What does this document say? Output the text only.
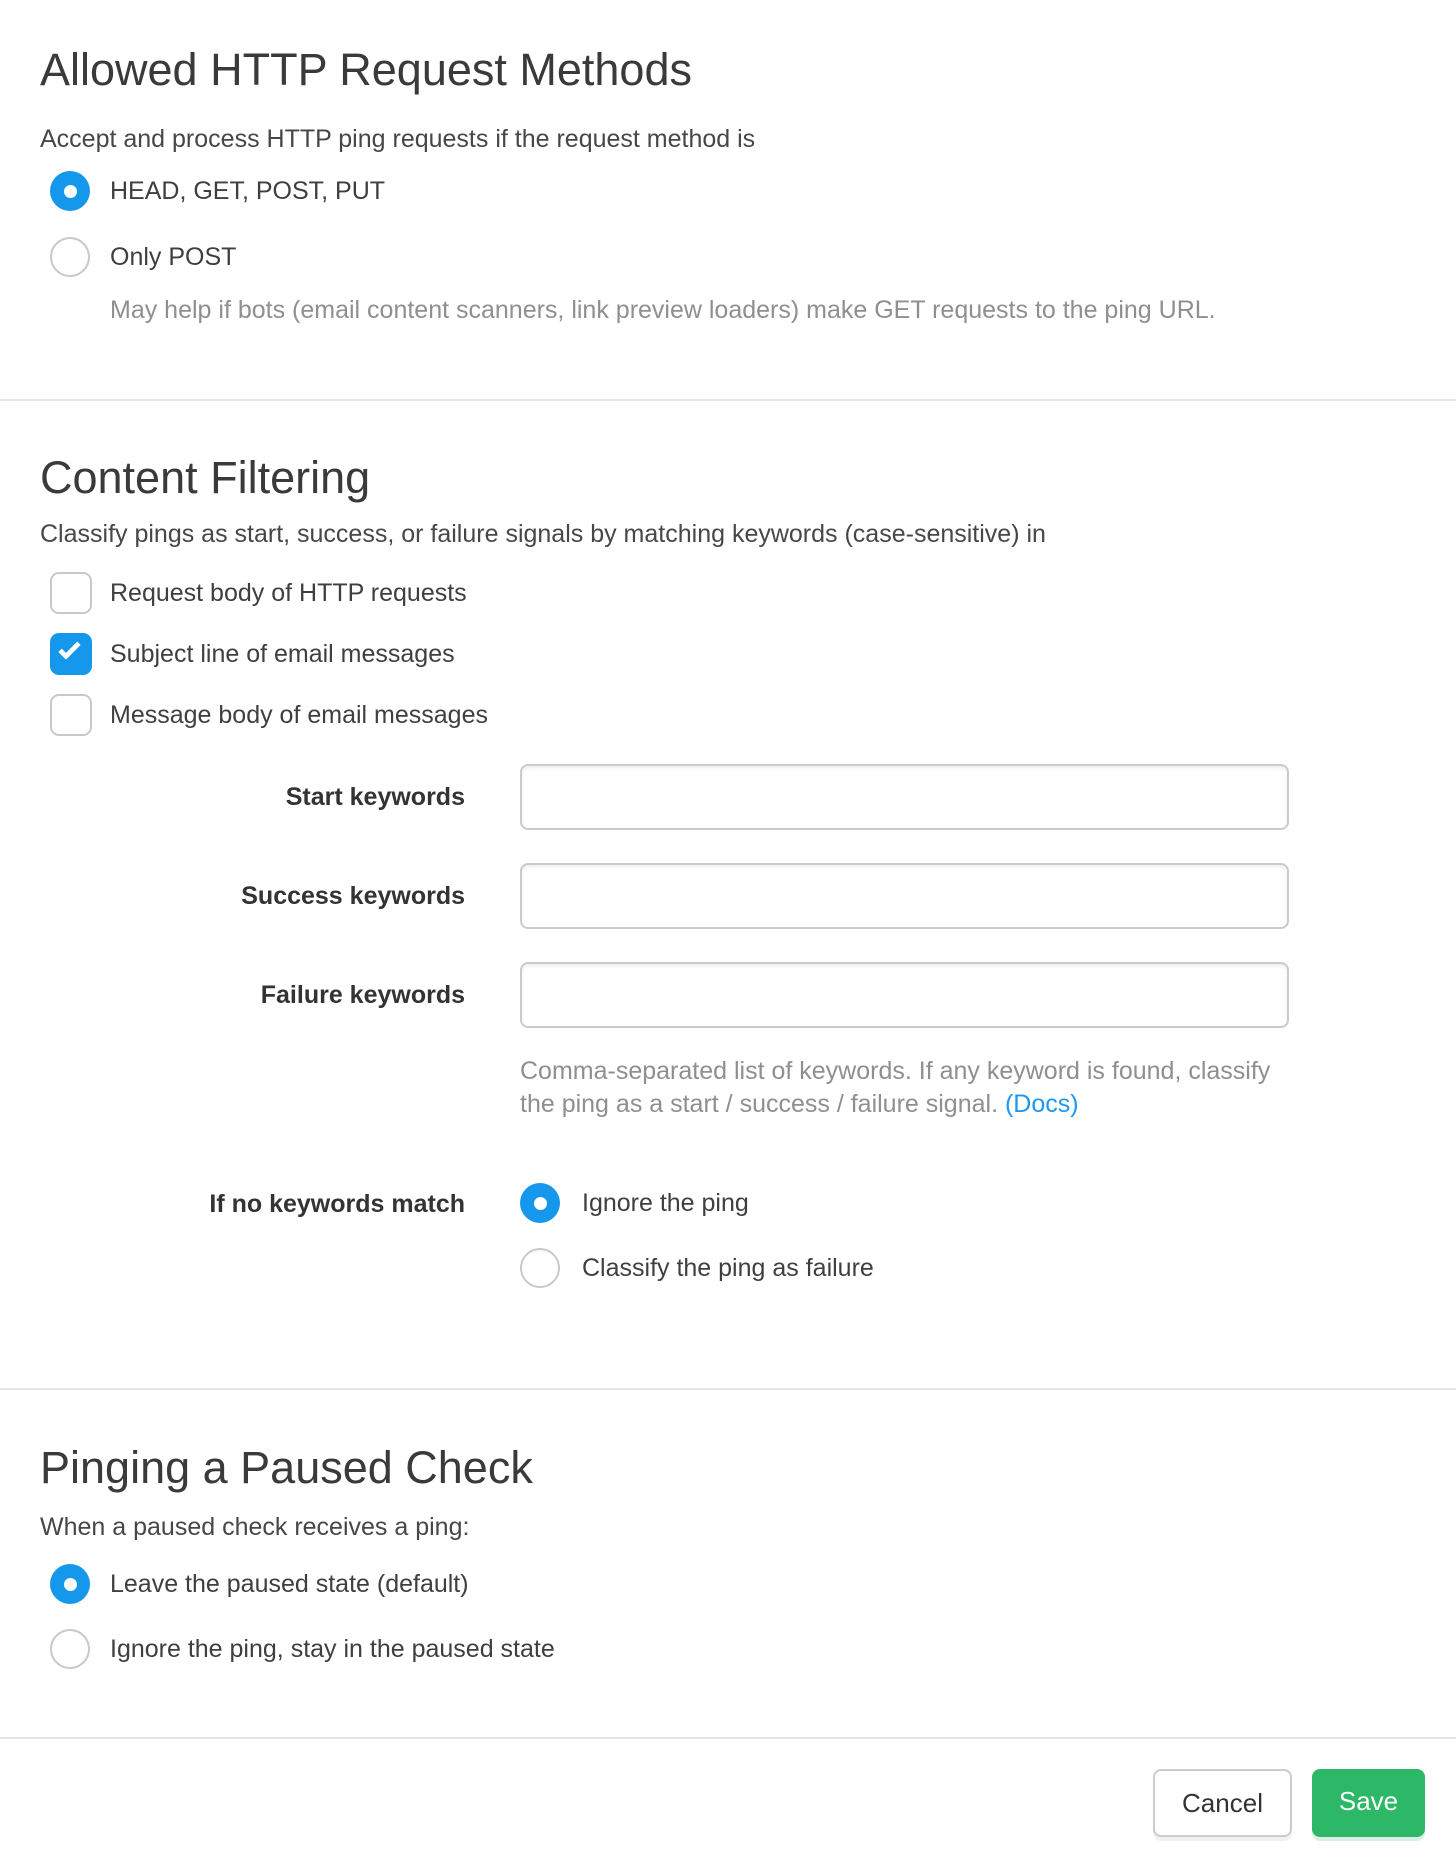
Allowed HTTP Request Methods

Accept and process HTTP ping requests if the request method is

HEAD, GET, POST, PUT
Only POST

May help if bots (email content scanners, link preview loaders) make GET requests to the ping URL.

Content Filtering

Classify pings as start, success, or failure signals by matching keywords (case-sensitive) in

Request body of HTTP requests
Subject line of email messages
Message body of email messages
Start keywords
Success keywords
Failure keywords

Comma-separated list of keywords. If any keyword is found, classify the ping as a start / success / failure signal. (Docs)

If no keywords match	Ignore the ping
Classify the ping as failure
Pinging a Paused Check

When a paused check receives a ping:

Leave the paused state (default)
Ignore the ping, stay in the paused state
Cancel	Save
